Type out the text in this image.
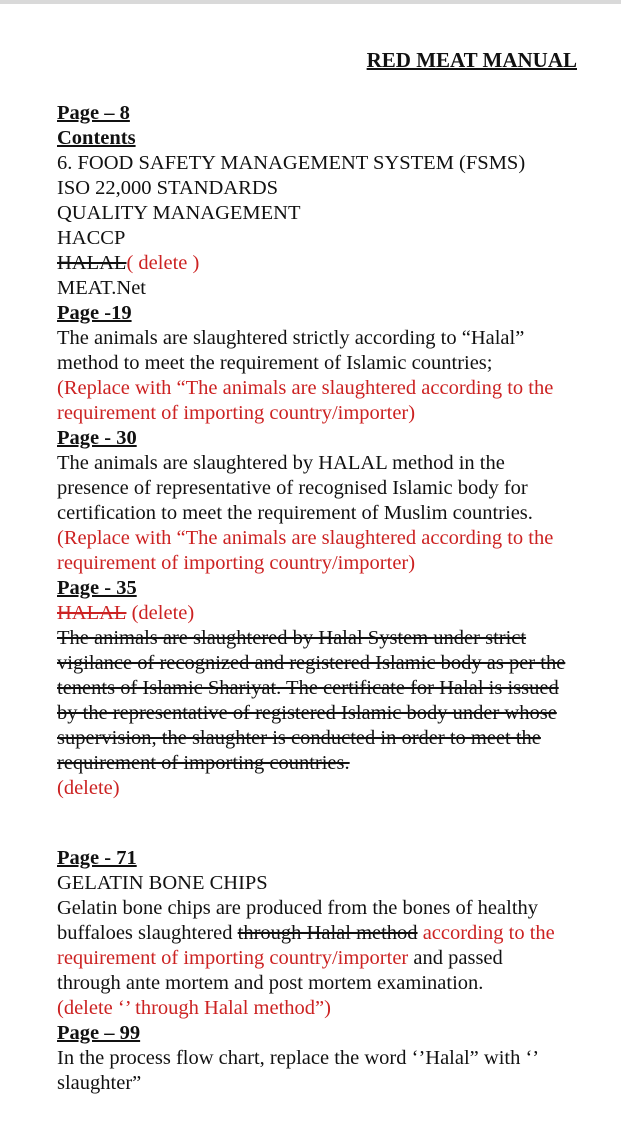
RED MEAT MANUAL

Page – 8

Contents

6. FOOD SAFETY MANAGEMENT SYSTEM (FSMS)

ISO 22,000 STANDARDS

QUALITY MANAGEMENT

HACCP

HALAL( delete )

MEAT.Net

Page -19

The animals are slaughtered strictly according to “Halal”

method to meet the requirement of Islamic countries;

(Replace with “The animals are slaughtered according to the

requirement of importing country/importer)

Page - 30

The animals are slaughtered by HALAL method in the

presence of representative of recognised Islamic body for

certification to meet the requirement of Muslim countries.

(Replace with “The animals are slaughtered according to the

requirement of importing country/importer)

Page - 35

HALAL (delete)

The animals are slaughtered by Halal System under strict

vigilance of recognized and registered Islamic body as per the

tenents of Islamic Shariyat. The certificate for Halal is issued

by the representative of registered Islamic body under whose

supervision, the slaughter is conducted in order to meet the

requirement of importing countries.

(delete)

Page - 71

GELATIN BONE CHIPS

Gelatin bone chips are produced from the bones of healthy

buffaloes slaughtered through Halal method according to the

requirement of importing country/importer and passed

through ante mortem and post mortem examination.

(delete ‘’ through Halal method”)

Page – 99

In the process flow chart, replace the word ‘’Halal” with ‘’

slaughter”
